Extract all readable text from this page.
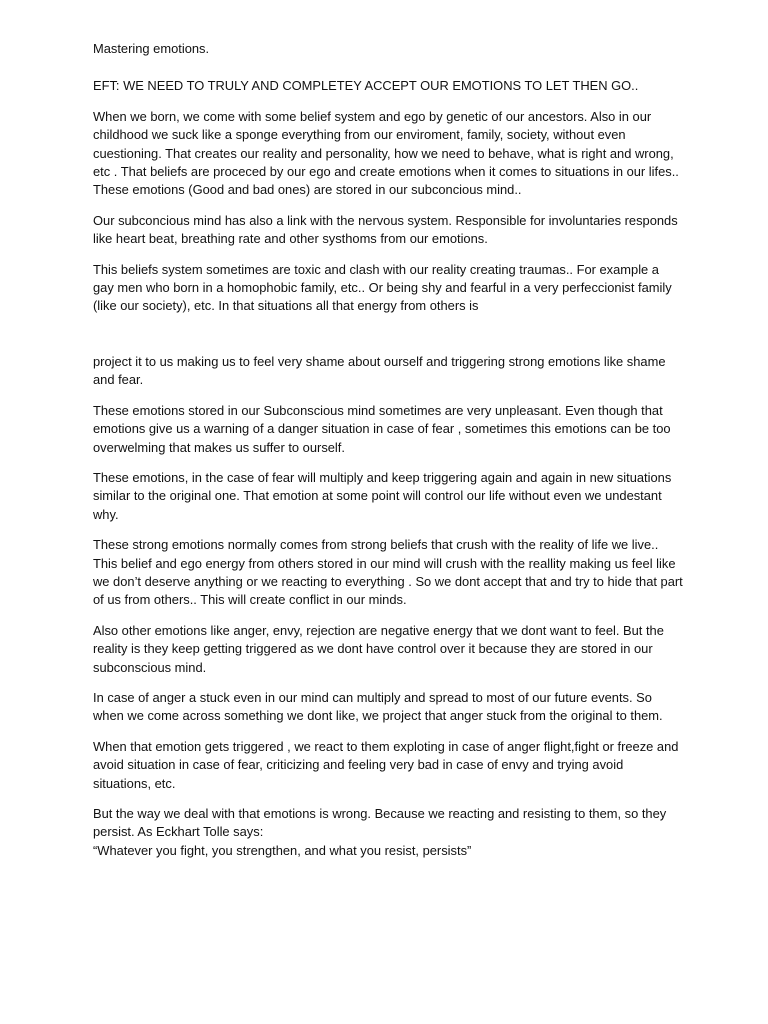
Mastering emotions.

EFT: WE NEED TO TRULY AND COMPLETEY ACCEPT OUR EMOTIONS TO LET THEN GO..

When we born, we come with some belief system and ego by genetic of our ancestors. Also in our childhood we suck like a sponge everything from our enviroment, family, society, without even cuestioning. That creates our reality and personality, how we need to behave, what is right and wrong, etc . That beliefs are proceced by our ego and create emotions when it comes to situations in our lifes.. These emotions (Good and bad ones) are stored in our subconcious mind..

Our subconcious mind has also a link with the nervous system. Responsible for involuntaries responds like heart beat, breathing rate and other systhoms from our emotions.

This beliefs system sometimes are toxic and clash with our reality creating traumas.. For example a gay men who born in a homophobic family, etc.. Or being shy and fearful in a very perfeccionist family (like our society), etc. In that situations all that energy from others is

project it to us making us to feel very shame about ourself and triggering strong emotions like shame and fear.

These emotions stored in our Subconscious mind sometimes are very unpleasant. Even though that emotions give us a warning of a danger situation in case of fear , sometimes this emotions can be too overwelming that makes us suffer to ourself.

These emotions, in the case of fear will multiply and keep triggering again and again in new situations similar to the original one. That emotion at some point will control our life without even we undestant why.

These strong emotions normally comes from strong beliefs that crush with the reality of life we live.. This belief and ego energy from others stored in our mind will crush with the reallity making us feel like we don’t deserve anything or we reacting to everything . So we dont accept that and try to hide that part of us from others.. This will create conflict in our minds.

Also other emotions like anger, envy, rejection are negative energy that we dont want to feel. But the reality is they keep getting triggered as we dont have control over it because they are stored in our subconscious mind.

In case of anger a stuck even in our mind can multiply and spread to most of our future events. So when we come across something we dont like, we project that anger stuck from the original to them.

When that emotion gets triggered , we react to them exploting in case of anger flight,fight or freeze and avoid situation in case of fear, criticizing and feeling very bad in case of envy and trying avoid situations, etc.

But the way we deal with that emotions is wrong. Because we reacting and resisting to them, so they persist. As Eckhart Tolle says:
“Whatever you fight, you strengthen, and what you resist, persists”
